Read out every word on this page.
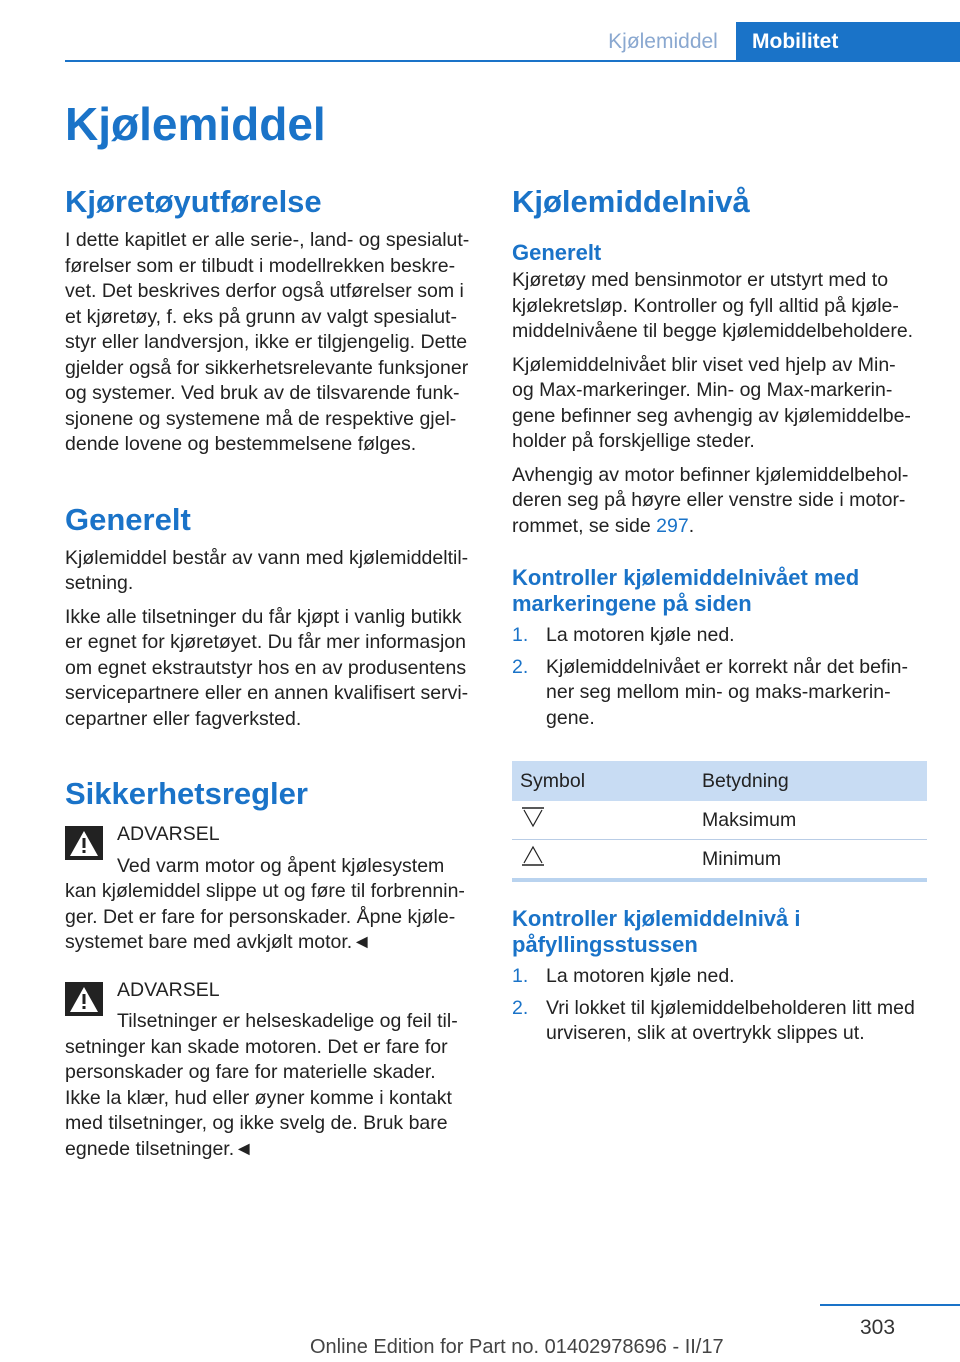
Kjølemiddel	Mobilitet
Kjølemiddel
Kjøretøyutførelse

I dette kapitlet er alle serie-, land- og spesialut‐
førelser som er tilbudt i modellrekken beskre‐
vet. Det beskrives derfor også utførelser som i
et kjøretøy, f. eks på grunn av valgt spesialut‐
styr eller landversjon, ikke er tilgjengelig. Dette
gjelder også for sikkerhetsrelevante funksjoner
og systemer. Ved bruk av de tilsvarende funk‐
sjonene og systemene må de respektive gjel‐
dende lovene og bestemmelsene følges.

Generelt

Kjølemiddel består av vann med kjølemiddeltil‐
setning.

Ikke alle tilsetninger du får kjøpt i vanlig butikk
er egnet for kjøretøyet. Du får mer informasjon
om egnet ekstrautstyr hos en av produsentens
servicepartnere eller en annen kvalifisert servi‐
cepartner eller fagverksted.

Sikkerhetsregler
ADVARSEL

Ved varm motor og åpent kjølesystem
kan kjølemiddel slippe ut og føre til forbrennin‐
ger. Det er fare for personskader. Åpne kjøle‐
systemet bare med avkjølt motor.◄

ADVARSEL

Tilsetninger er helseskadelige og feil til‐
setninger kan skade motoren. Det er fare for
personskader og fare for materielle skader.
Ikke la klær, hud eller øyner komme i kontakt
med tilsetninger, og ikke svelg de. Bruk bare
egnede tilsetninger.◄

Kjølemiddelnivå
Generelt

Kjøretøy med bensinmotor er utstyrt med to
kjølekretsløp. Kontroller og fyll alltid på kjøle‐
middelnivåene til begge kjølemiddelbeholdere.

Kjølemiddelnivået blir viset ved hjelp av Min-
og Max-markeringer. Min- og Max-markerin‐
gene befinner seg avhengig av kjølemiddelbe‐
holder på forskjellige steder.

Avhengig av motor befinner kjølemiddelbehol‐
deren seg på høyre eller venstre side i motor‐
rommet, se side 297.

Kontroller kjølemiddelnivået med markeringene på siden
1. La motoren kjøle ned.
2. Kjølemiddelnivået er korrekt når det befin‐
ner seg mellom min- og maks-markerin‐
gene.
Symbol	Betydning
	Maksimum
	Minimum
Kontroller kjølemiddelnivå i påfyllingsstussen
1. La motoren kjøle ned.
2. Vri lokket til kjølemiddelbeholderen litt med
urviseren, slik at overtrykk slippes ut.
303
Online Edition for Part no. 01402978696 - II/17
